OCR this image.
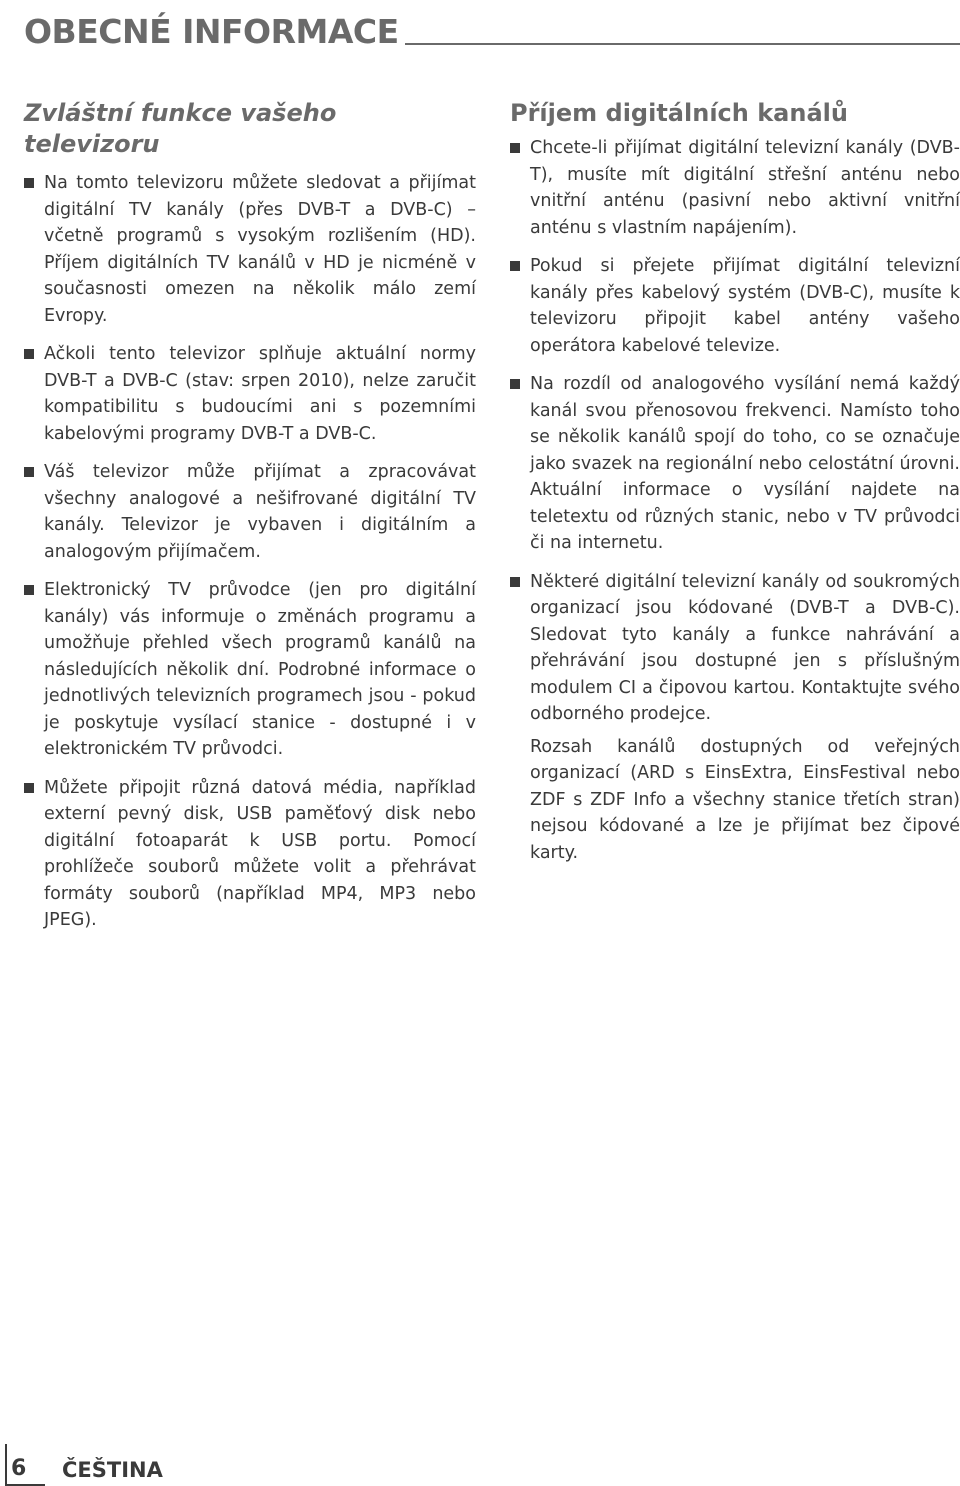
OBECNÉ INFORMACE
Zvláštní funkce vašeho televizoru

Na tomto televizoru můžete sledovat a přijímat digitální TV kanály (přes DVB-T a DVB-C) – včetně programů s vysokým rozlišením (HD). Příjem digitálních TV kanálů v HD je nicméně v současnosti omezen na několik málo zemí Evropy.

Ačkoli tento televizor splňuje aktuální normy DVB-T a DVB-C (stav: srpen 2010), nelze zaručit kompatibilitu s budoucími ani s pozemními kabelovými programy DVB-T a DVB-C.

Váš televizor může přijímat a zpracovávat všechny analogové a nešifrované digitální TV kanály. Televizor je vybaven i digitálním a analogovým přijímačem.

Elektronický TV průvodce (jen pro digitální kanály) vás informuje o změnách programu a umožňuje přehled všech programů kanálů na následujících několik dní. Podrobné informace o jednotlivých televizních programech jsou - pokud je poskytuje vysílací stanice - dostupné i v elektronickém TV průvodci.

Můžete připojit různá datová média, například externí pevný disk, USB paměťový disk nebo digitální fotoaparát k USB portu. Pomocí prohlížeče souborů můžete volit a přehrávat formáty souborů (například MP4, MP3 nebo JPEG).

Příjem digitálních kanálů

Chcete-li přijímat digitální televizní kanály (DVB-T), musíte mít digitální střešní anténu nebo vnitřní anténu (pasivní nebo aktivní vnitřní anténu s vlastním napájením).

Pokud si přejete přijímat digitální televizní kanály přes kabelový systém (DVB-C), musíte k televizoru připojit kabel antény vašeho operátora kabelové televize.

Na rozdíl od analogového vysílání nemá každý kanál svou přenosovou frekvenci. Namísto toho se několik kanálů spojí do toho, co se označuje jako svazek na regionální nebo celostátní úrovni. Aktuální informace o vysílání najdete na teletextu od různých stanic, nebo v TV průvodci či na internetu.

Některé digitální televizní kanály od soukromých organizací jsou kódované (DVB-T a DVB-C). Sledovat tyto kanály a funkce nahrávání a přehrávání jsou dostupné jen s příslušným modulem CI a čipovou kartou. Kontaktujte svého odborného prodejce.

Rozsah kanálů dostupných od veřejných organizací (ARD s EinsExtra, EinsFestival nebo ZDF s ZDF Info a všechny stanice třetích stran) nejsou kódované a lze je přijímat bez čipové karty.

6 ČEŠTINA
